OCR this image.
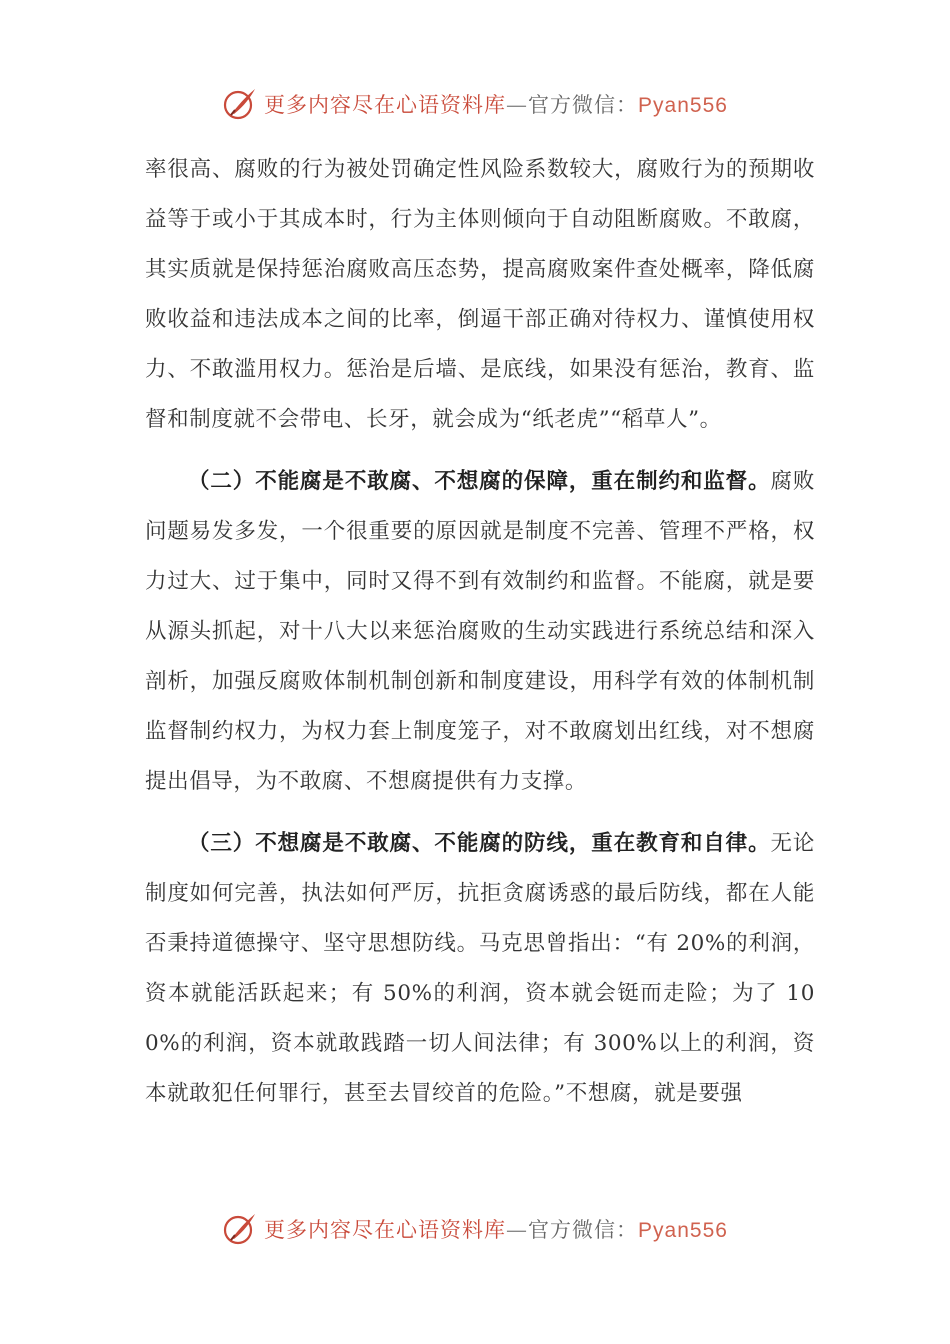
更多内容尽在心语资料库—官方微信：Pyan556

率很高、腐败的行为被处罚确定性风险系数较大，腐败行为的预期收益等于或小于其成本时，行为主体则倾向于自动阻断腐败。不敢腐，其实质就是保持惩治腐败高压态势，提高腐败案件查处概率，降低腐败收益和违法成本之间的比率，倒逼干部正确对待权力、谨慎使用权力、不敢滥用权力。惩治是后墙、是底线，如果没有惩治，教育、监督和制度就不会带电、长牙，就会成为“纸老虎”“稻草人”。

（二）不能腐是不敢腐、不想腐的保障，重在制约和监督。腐败问题易发多发，一个很重要的原因就是制度不完善、管理不严格，权力过大、过于集中，同时又得不到有效制约和监督。不能腐，就是要从源头抓起，对十八大以来惩治腐败的生动实践进行系统总结和深入剖析，加强反腐败体制机制创新和制度建设，用科学有效的体制机制监督制约权力，为权力套上制度笼子，对不敢腐划出红线，对不想腐提出倡导，为不敢腐、不想腐提供有力支撑。

（三）不想腐是不敢腐、不能腐的防线，重在教育和自律。无论制度如何完善，执法如何严厉，抗拒贪腐诱惑的最后防线，都在人能否秉持道德操守、坚守思想防线。马克思曾指出：“有 20%的利润，资本就能活跃起来；有 50%的利润，资本就会铤而走险；为了 100%的利润，资本就敢践踏一切人间法律；有 300%以上的利润，资本就敢犯任何罪行，甚至去冒绞首的危险。”不想腐，就是要强

更多内容尽在心语资料库—官方微信：Pyan556
